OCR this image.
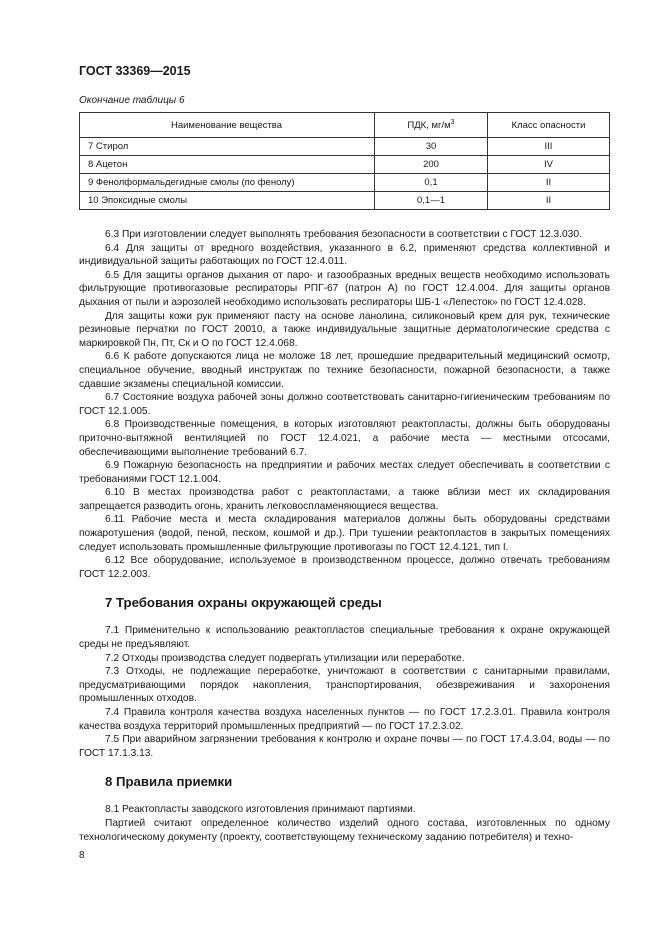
ГОСТ 33369—2015
Окончание таблицы 6
Наименование вещества	ПДК, $мг/м^3$	Класс опасности
7 Стирол	30	III
8 Ацетон	200	IV
9 Фенолформальдегидные смолы (по фенолу)	0,1	II
10 Эпоксидные смолы	0,1—1	II

6.3 При изготовлении следует выполнять требования безопасности в соответствии с ГОСТ 12.3.030.

6.4 Для защиты от вредного воздействия, указанного в 6.2, применяют средства коллективной и индивидуальной защиты работающих по ГОСТ 12.4.011.

6.5 Для защиты органов дыхания от паро- и газообразных вредных веществ необходимо использовать фильтрующие противогазовые респираторы РПГ-67 (патрон А) по ГОСТ 12.4.004. Для защиты органов дыхания от пыли и аэрозолей необходимо использовать респираторы ШБ-1 «Лепесток» по ГОСТ 12.4.028.

Для защиты кожи рук применяют пасту на основе ланолина, силиконовый крем для рук, технические резиновые перчатки по ГОСТ 20010, а также индивидуальные защитные дерматологические средства с маркировкой Пн, Пт, Ск и О по ГОСТ 12.4.068.

6.6 К работе допускаются лица не моложе 18 лет, прошедшие предварительный медицинский осмотр, специальное обучение, вводный инструктаж по технике безопасности, пожарной безопасности, а также сдавшие экзамены специальной комиссии.

6.7 Состояние воздуха рабочей зоны должно соответствовать санитарно-гигиеническим требованиям по ГОСТ 12.1.005.

6.8 Производственные помещения, в которых изготовляют реактопласты, должны быть оборудованы приточно-вытяжной вентиляцией по ГОСТ 12.4.021, а рабочие места — местными отсосами, обеспечивающими выполнение требований 6.7.

6.9 Пожарную безопасность на предприятии и рабочих местах следует обеспечивать в соответствии с требованиями ГОСТ 12.1.004.

6.10 В местах производства работ с реактопластами, а также вблизи мест их складирования запрещается разводить огонь, хранить легковоспламеняющиеся вещества.

6.11 Рабочие места и места складирования материалов должны быть оборудованы средствами пожаротушения (водой, пеной, песком, кошмой и др.). При тушении реактопластов в закрытых помещениях следует использовать промышленные фильтрующие противогазы по ГОСТ 12.4.121, тип I.

6.12 Все оборудование, используемое в производственном процессе, должно отвечать требованиям ГОСТ 12.2.003.

7 Требования охраны окружающей среды

7.1 Применительно к использованию реактопластов специальные требования к охране окружающей среды не предъявляют.

7.2 Отходы производства следует подвергать утилизации или переработке.

7.3 Отходы, не подлежащие переработке, уничтожают в соответствии с санитарными правилами, предусматривающими порядок накопления, транспортирования, обезвреживания и захоронения промышленных отходов.

7.4 Правила контроля качества воздуха населенных пунктов — по ГОСТ 17.2.3.01. Правила контроля качества воздуха территорий промышленных предприятий — по ГОСТ 17.2.3.02.

7.5 При аварийном загрязнении требования к контролю и охране почвы — по ГОСТ 17.4.3.04, воды — по ГОСТ 17.1.3.13.

8 Правила приемки

8.1 Реактопласты заводского изготовления принимают партиями.

Партией считают определенное количество изделий одного состава, изготовленных по одному технологическому документу (проекту, соответствующему техническому заданию потребителя) и техно-

8
